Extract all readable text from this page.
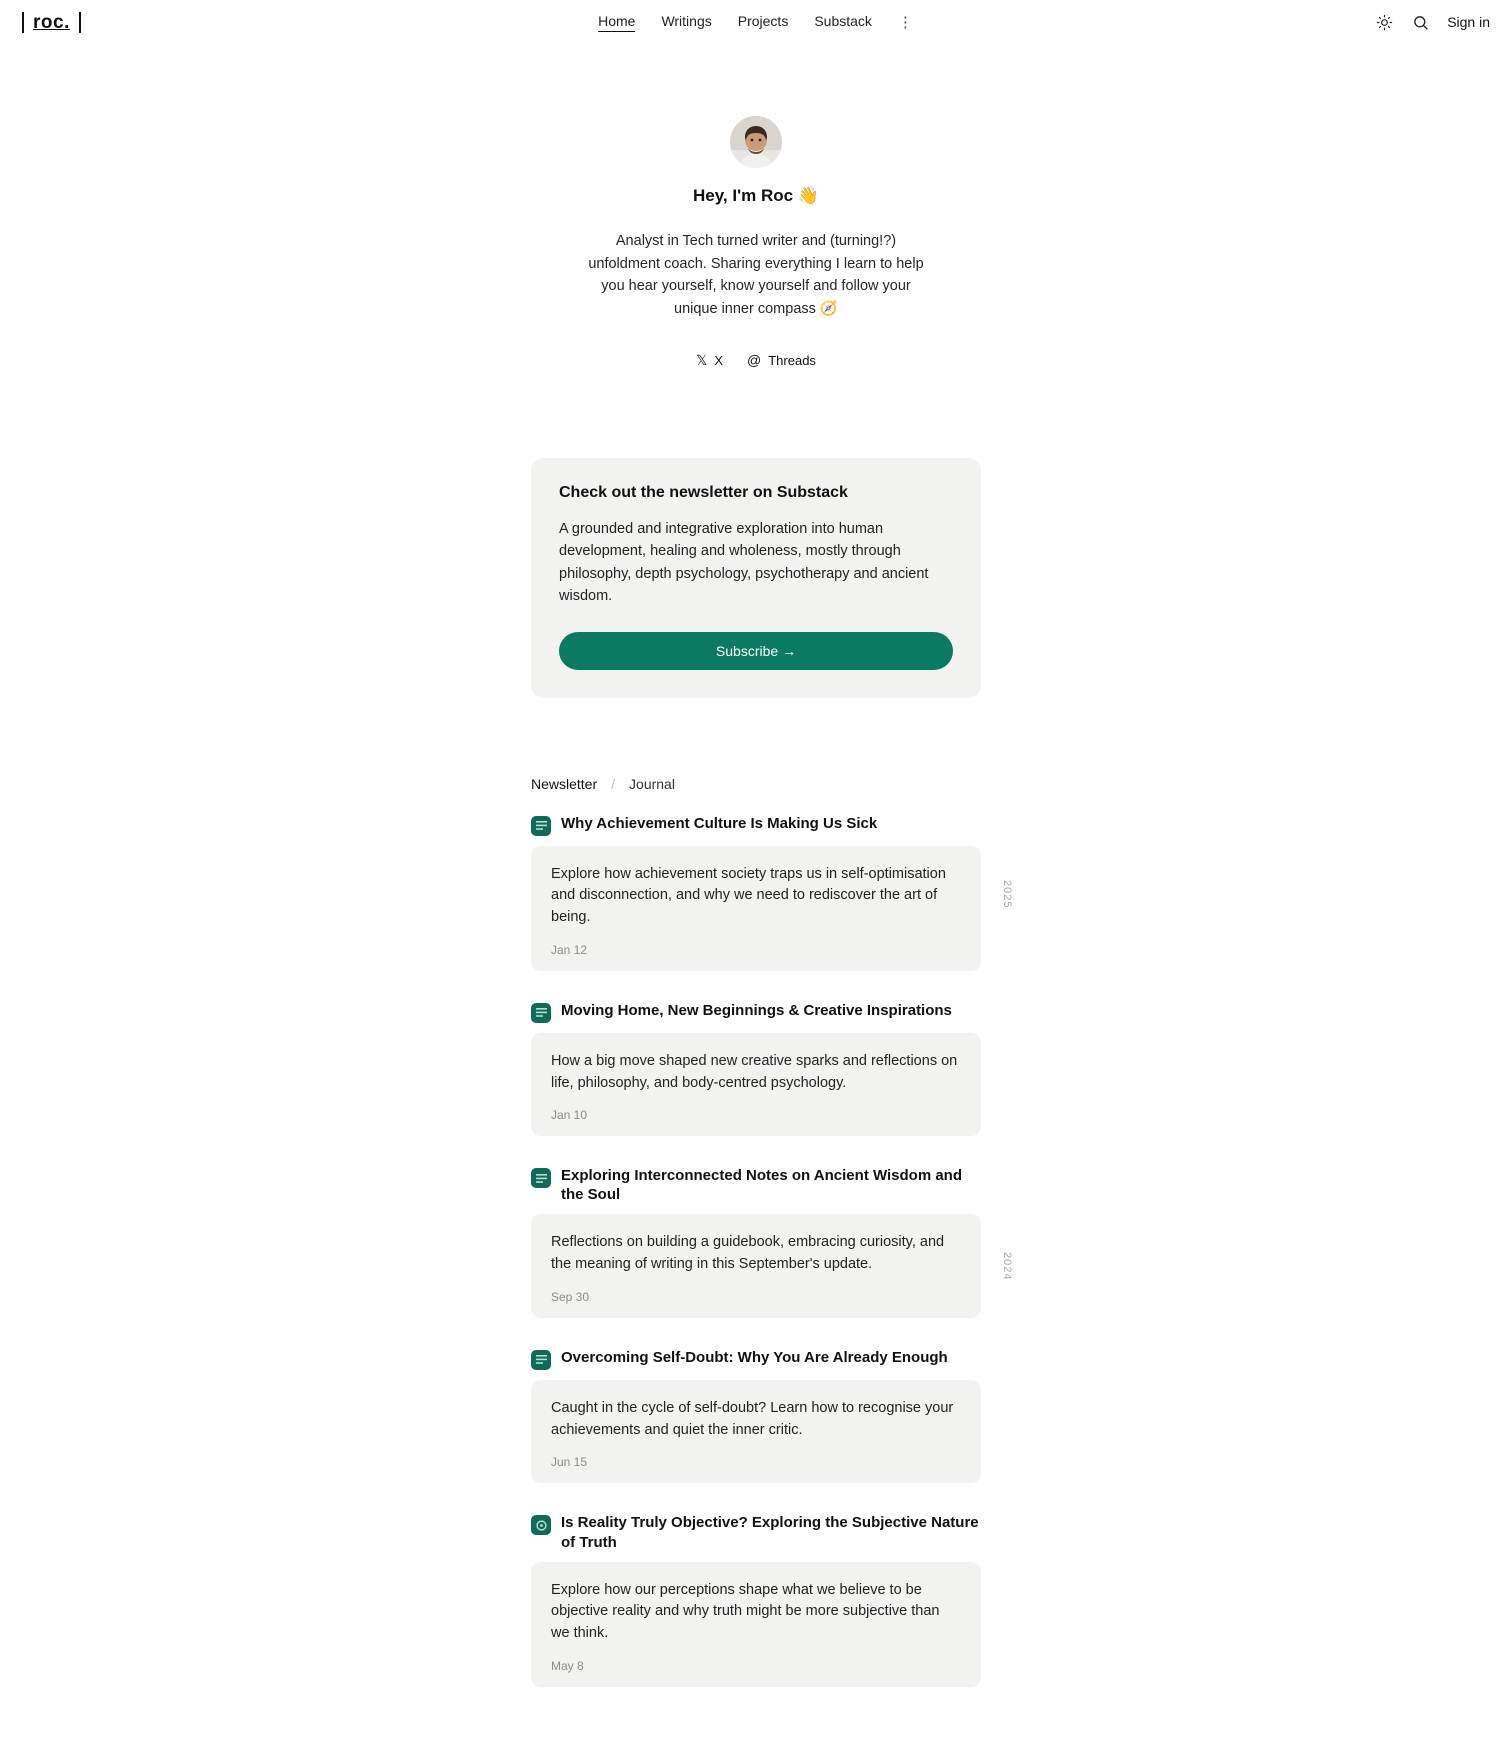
roc.	Home Writings Projects Substack ⋮	Sign in
Hey, I'm Roc 👋

Analyst in Tech turned writer and (turning!?) unfoldment coach. Sharing everything I learn to help you hear yourself, know yourself and follow your unique inner compass 🧭

𝕏 X @ Threads
Check out the newsletter on Substack

A grounded and integrative exploration into human development, healing and wholeness, mostly through philosophy, depth psychology, psychotherapy and ancient wisdom.

Subscribe →
Newsletter / Journal
2025
Why Achievement Culture Is Making Us Sick

Explore how achievement society traps us in self-optimisation and disconnection, and why we need to rediscover the art of being.

Jan 12
Moving Home, New Beginnings & Creative Inspirations

How a big move shaped new creative sparks and reflections on life, philosophy, and body-centred psychology.

Jan 10
2024
Exploring Interconnected Notes on Ancient Wisdom and the Soul

Reflections on building a guidebook, embracing curiosity, and the meaning of writing in this September's update.

Sep 30
Overcoming Self-Doubt: Why You Are Already Enough

Caught in the cycle of self-doubt? Learn how to recognise your achievements and quiet the inner critic.

Jun 15
Is Reality Truly Objective? Exploring the Subjective Nature of Truth

Explore how our perceptions shape what we believe to be objective reality and why truth might be more subjective than we think.

May 8
